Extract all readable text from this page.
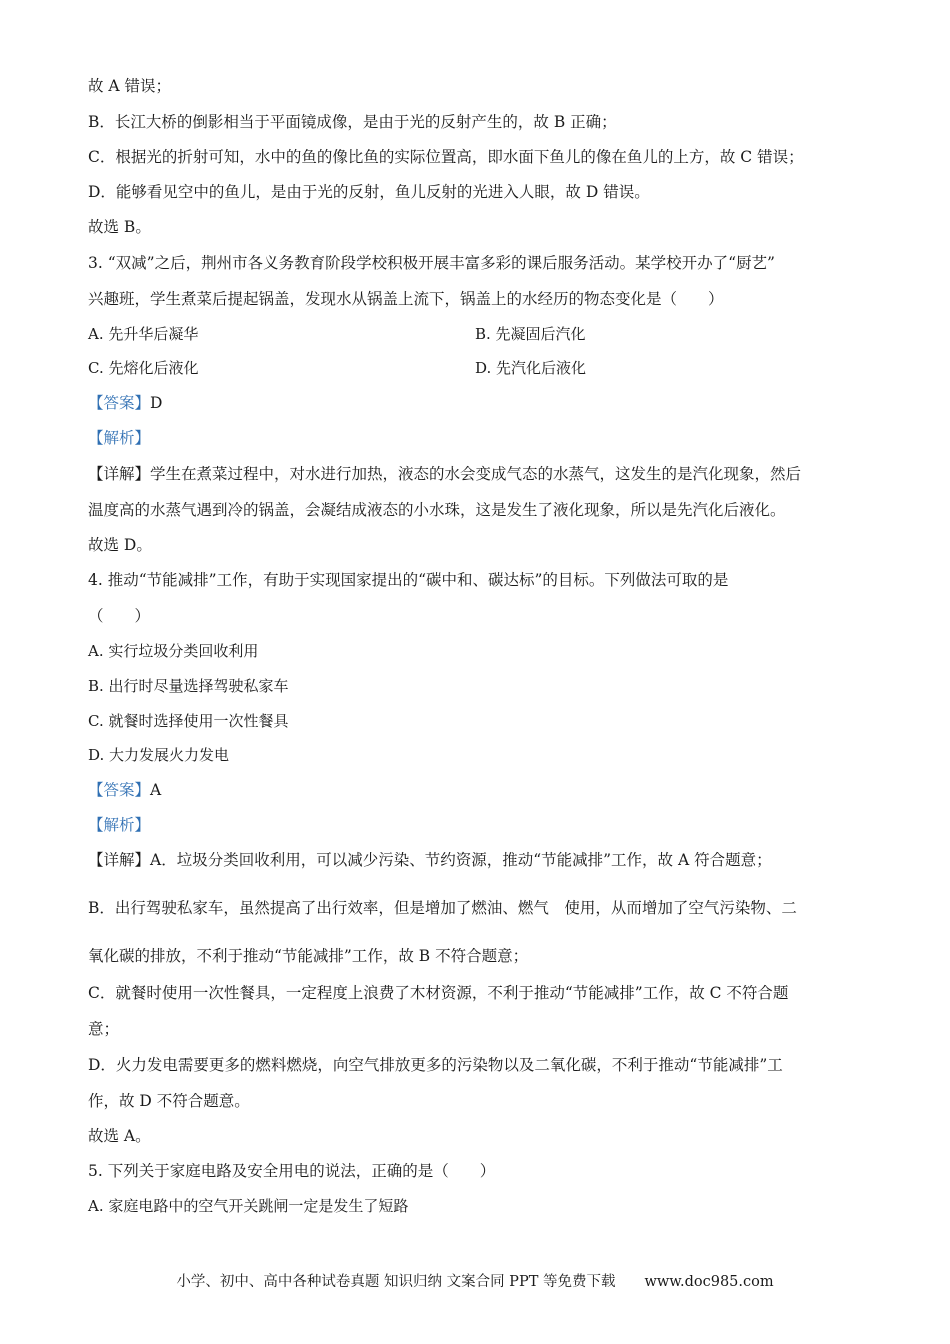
故 A 错误；
B．长江大桥的倒影相当于平面镜成像，是由于光的反射产生的，故 B 正确；
C．根据光的折射可知，水中的鱼的像比鱼的实际位置高，即水面下鱼儿的像在鱼儿的上方，故 C 错误；
D．能够看见空中的鱼儿，是由于光的反射，鱼儿反射的光进入人眼，故 D 错误。
故选 B。
3. “双减”之后，荆州市各义务教育阶段学校积极开展丰富多彩的课后服务活动。某学校开办了“厨艺”
兴趣班，学生煮菜后提起锅盖，发现水从锅盖上流下，锅盖上的水经历的物态变化是（　　）
A. 先升华后凝华	B. 先凝固后汽化
C. 先熔化后液化	D. 先汽化后液化
【答案】D
【解析】
【详解】学生在煮菜过程中，对水进行加热，液态的水会变成气态的水蒸气，这发生的是汽化现象，然后
温度高的水蒸气遇到冷的锅盖，会凝结成液态的小水珠，这是发生了液化现象，所以是先汽化后液化。
故选 D。
4. 推动“节能减排”工作，有助于实现国家提出的“碳中和、碳达标”的目标。下列做法可取的是
（　　）
A. 实行垃圾分类回收利用
B. 出行时尽量选择驾驶私家车
C. 就餐时选择使用一次性餐具
D. 大力发展火力发电
【答案】A
【解析】
【详解】A．垃圾分类回收利用，可以减少污染、节约资源，推动“节能减排”工作，故 A 符合题意；
B．出行驾驶私家车，虽然提高了出行效率，但是增加了燃油、燃气　使用，从而增加了空气污染物、二
氧化碳的排放，不利于推动“节能减排”工作，故 B 不符合题意；
C．就餐时使用一次性餐具，一定程度上浪费了木材资源，不利于推动“节能减排”工作，故 C 不符合题
意；
D．火力发电需要更多的燃料燃烧，向空气排放更多的污染物以及二氧化碳，不利于推动“节能减排”工
作，故 D 不符合题意。
故选 A。
5. 下列关于家庭电路及安全用电的说法，正确的是（　　）
A. 家庭电路中的空气开关跳闸一定是发生了短路
小学、初中、高中各种试卷真题 知识归纳 文案合同 PPT 等免费下载　　www.doc985.com
